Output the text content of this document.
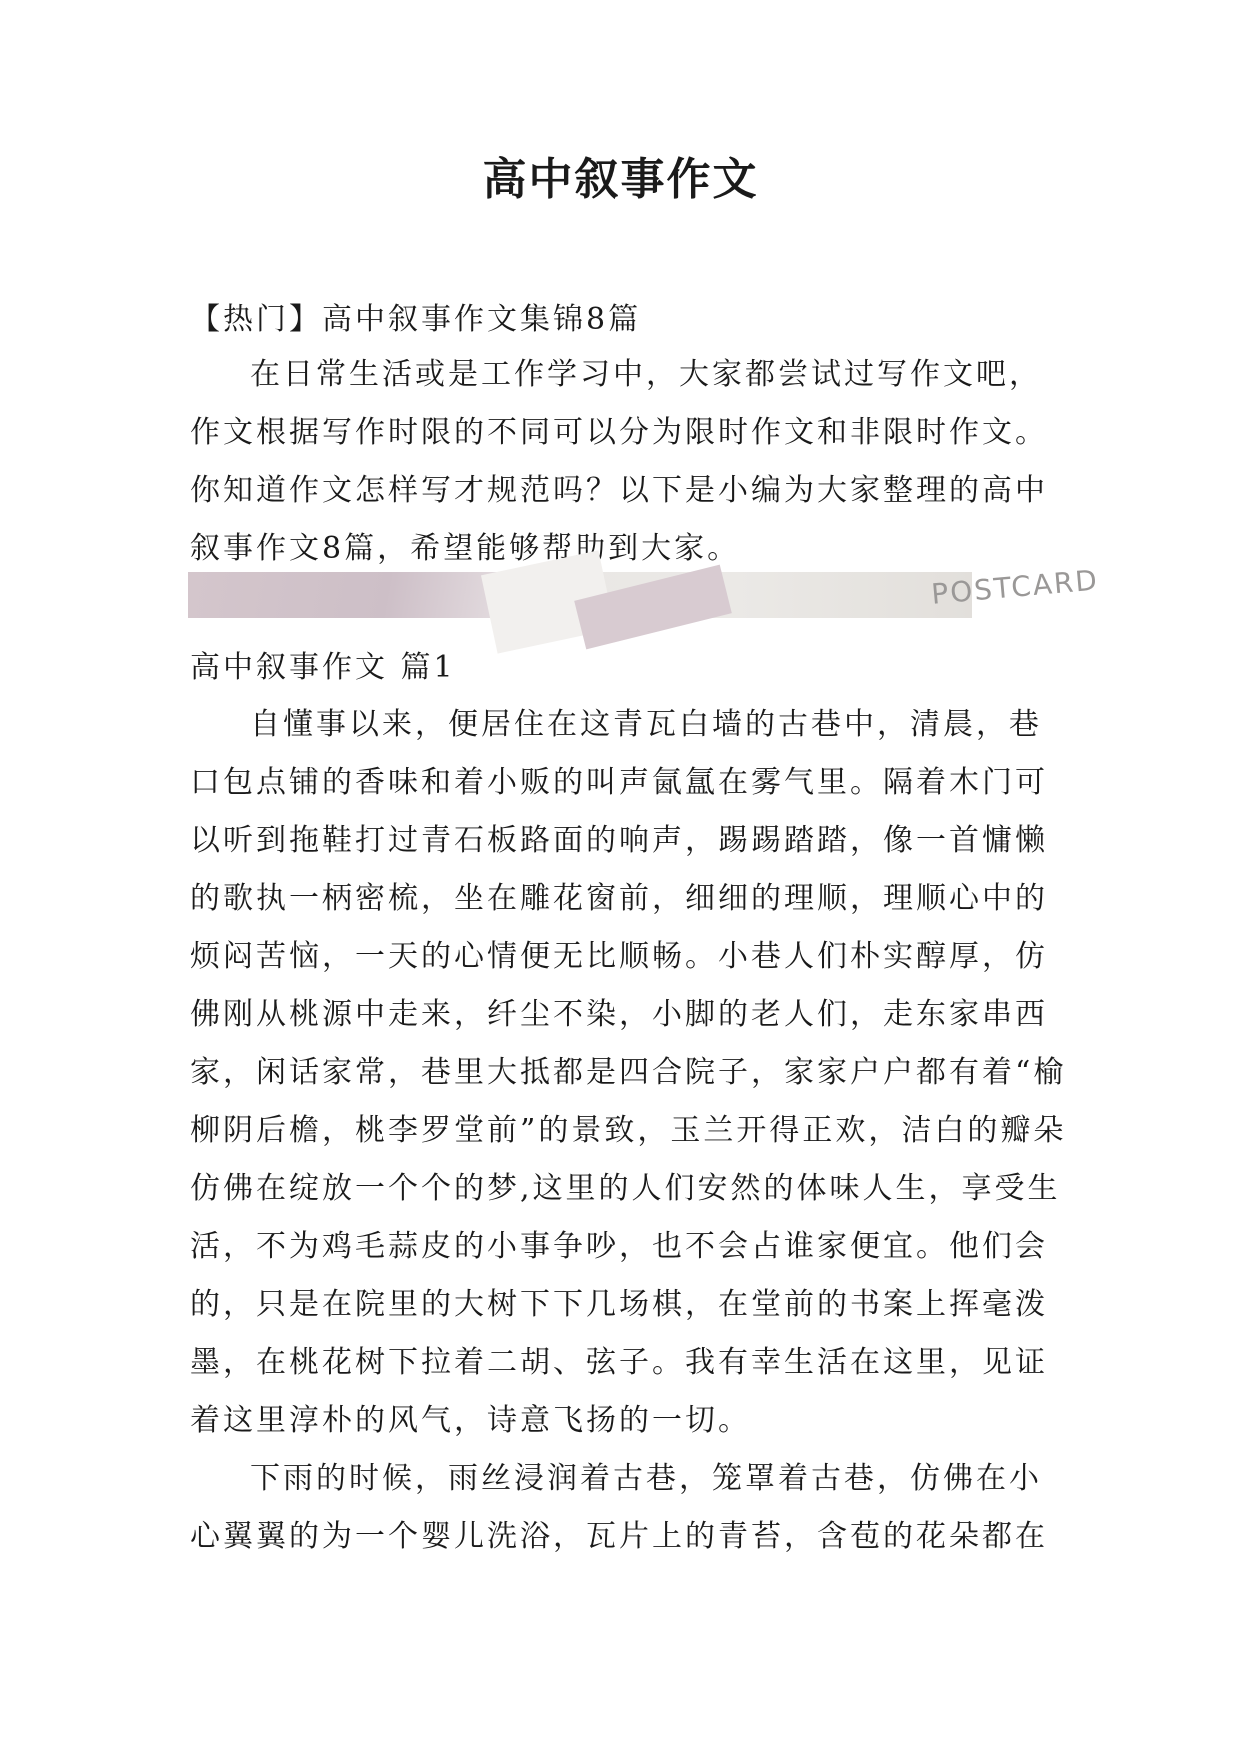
高中叙事作文

【热门】高中叙事作文集锦8篇

在日常生活或是工作学习中，大家都尝试过写作文吧，作文根据写作时限的不同可以分为限时作文和非限时作文。你知道作文怎样写才规范吗？以下是小编为大家整理的高中叙事作文8篇，希望能够帮助到大家。

POSTCARD

高中叙事作文 篇1

自懂事以来，便居住在这青瓦白墙的古巷中，清晨，巷口包点铺的香味和着小贩的叫声氤氲在雾气里。隔着木门可以听到拖鞋打过青石板路面的响声，踢踢踏踏，像一首慵懒的歌执一柄密梳，坐在雕花窗前，细细的理顺，理顺心中的烦闷苦恼，一天的心情便无比顺畅。小巷人们朴实醇厚，仿佛刚从桃源中走来，纤尘不染，小脚的老人们，走东家串西家，闲话家常，巷里大抵都是四合院子，家家户户都有着“榆柳阴后檐，桃李罗堂前”的景致，玉兰开得正欢，洁白的瓣朵仿佛在绽放一个个的梦,这里的人们安然的体味人生，享受生活，不为鸡毛蒜皮的小事争吵，也不会占谁家便宜。他们会的，只是在院里的大树下下几场棋，在堂前的书案上挥毫泼墨，在桃花树下拉着二胡、弦子。我有幸生活在这里，见证着这里淳朴的风气，诗意飞扬的一切。

下雨的时候，雨丝浸润着古巷，笼罩着古巷，仿佛在小心翼翼的为一个婴儿洗浴，瓦片上的青苔，含苞的花朵都在
